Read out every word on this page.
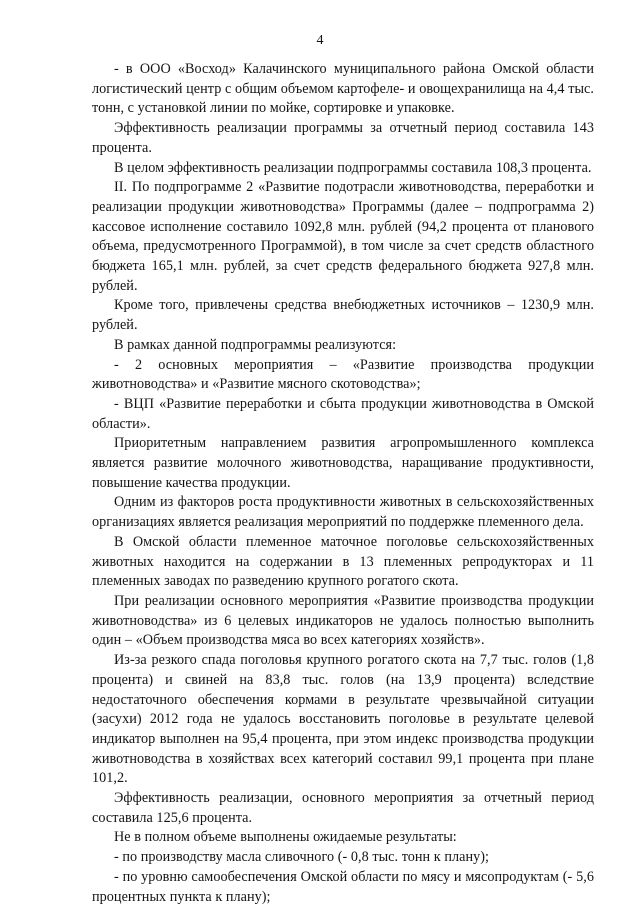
4

- в ООО «Восход» Калачинского муниципального района Омской области логистический центр с общим объемом картофеле- и овощехранилища на 4,4 тыс. тонн, с установкой линии по мойке, сортировке и упаковке.

Эффективность реализации программы за отчетный период составила 143 процента.

В целом эффективность реализации подпрограммы составила 108,3 процента.

II. По подпрограмме 2 «Развитие подотрасли животноводства, переработки и реализации продукции животноводства» Программы (далее – подпрограмма 2) кассовое исполнение составило 1092,8 млн. рублей (94,2 процента от планового объема, предусмотренного Программой), в том числе за счет средств областного бюджета 165,1 млн. рублей, за счет средств федерального бюджета 927,8 млн. рублей.

Кроме того, привлечены средства внебюджетных источников – 1230,9 млн. рублей.

В рамках данной подпрограммы реализуются:

- 2 основных мероприятия – «Развитие производства продукции животноводства» и «Развитие мясного скотоводства»;

- ВЦП «Развитие переработки и сбыта продукции животноводства в Омской области».

Приоритетным направлением развития агропромышленного комплекса является развитие молочного животноводства, наращивание продуктивности, повышение качества продукции.

Одним из факторов роста продуктивности животных в сельскохозяйственных организациях является реализация мероприятий по поддержке племенного дела.

В Омской области племенное маточное поголовье сельскохозяйственных животных находится на содержании в 13 племенных репродукторах и 11 племенных заводах по разведению крупного рогатого скота.

При реализации основного мероприятия «Развитие производства продукции животноводства» из 6 целевых индикаторов не удалось полностью выполнить один – «Объем производства мяса во всех категориях хозяйств».

Из-за резкого спада поголовья крупного рогатого скота на 7,7 тыс. голов (1,8 процента) и свиней на 83,8 тыс. голов (на 13,9 процента) вследствие недостаточного обеспечения кормами в результате чрезвычайной ситуации (засухи) 2012 года не удалось восстановить поголовье в результате целевой индикатор выполнен на 95,4 процента, при этом индекс производства продукции животноводства в хозяйствах всех категорий составил 99,1 процента при плане 101,2.

Эффективность реализации, основного мероприятия за отчетный период составила 125,6 процента.

Не в полном объеме выполнены ожидаемые результаты:

- по производству масла сливочного (- 0,8 тыс. тонн к плану);

- по уровню самообеспечения Омской области по мясу и мясопродуктам (- 5,6 процентных пункта к плану);
